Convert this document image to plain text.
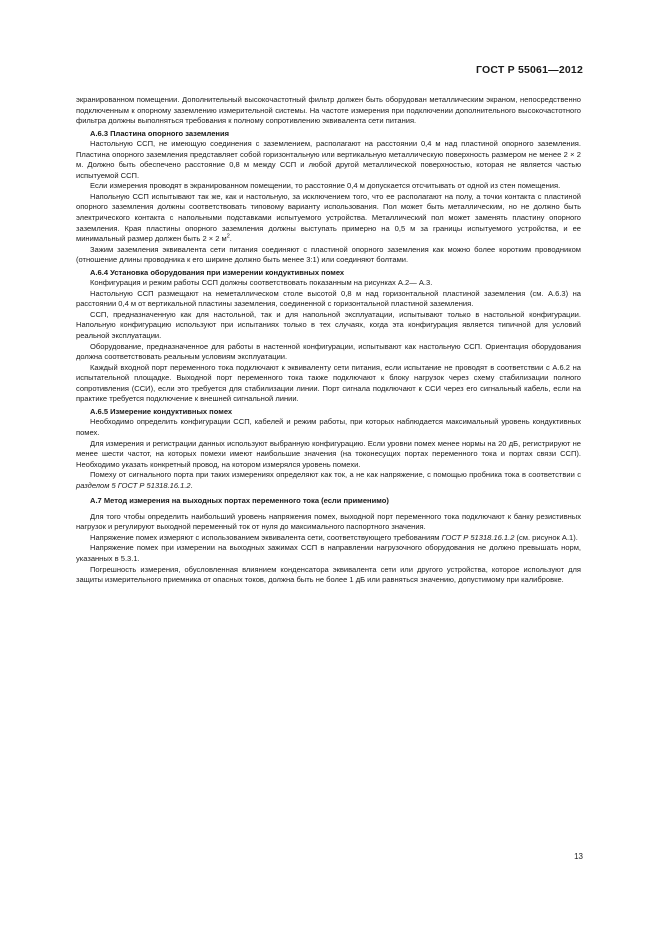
ГОСТ Р 55061—2012

экранированном помещении. Дополнительный высокочастотный фильтр должен быть оборудован металлическим экраном, непосредственно подключенным к опорному заземлению измерительной системы. На частоте измерения при подключении дополнительного высокочастотного фильтра должны выполняться требования к полному сопротивлению эквивалента сети питания.

А.6.3 Пластина опорного заземления

Настольную ССП, не имеющую соединения с заземлением, располагают на расстоянии 0,4 м над пластиной опорного заземления. Пластина опорного заземления представляет собой горизонтальную или вертикальную металлическую поверхность размером не менее 2 × 2 м. Должно быть обеспечено расстояние 0,8 м между ССП и любой другой металлической поверхностью, которая не является частью испытуемой ССП.

Если измерения проводят в экранированном помещении, то расстояние 0,4 м допускается отсчитывать от одной из стен помещения.

Напольную ССП испытывают так же, как и настольную, за исключением того, что ее располагают на полу, а точки контакта с пластиной опорного заземления должны соответствовать типовому варианту использования. Пол может быть металлическим, но не должно быть электрического контакта с напольными подставками испытуемого устройства. Металлический пол может заменять пластину опорного заземления. Края пластины опорного заземления должны выступать примерно на 0,5 м за границы испытуемого устройства, и ее минимальный размер должен быть 2 × 2 $м^2$.

Зажим заземления эквивалента сети питания соединяют с пластиной опорного заземления как можно более коротким проводником (отношение длины проводника к его ширине должно быть менее 3:1) или соединяют болтами.

А.6.4 Установка оборудования при измерении кондуктивных помех

Конфигурация и режим работы ССП должны соответствовать показанным на рисунках А.2— А.3.

Настольную ССП размещают на неметаллическом столе высотой 0,8 м над горизонтальной пластиной заземления (см. А.6.3) на расстоянии 0,4 м от вертикальной пластины заземления, соединенной с горизонтальной пластиной заземления.

ССП, предназначенную как для настольной, так и для напольной эксплуатации, испытывают только в настольной конфигурации. Напольную конфигурацию используют при испытаниях только в тех случаях, когда эта конфигурация является типичной для условий реальной эксплуатации.

Оборудование, предназначенное для работы в настенной конфигурации, испытывают как настольную ССП. Ориентация оборудования должна соответствовать реальным условиям эксплуатации.

Каждый входной порт переменного тока подключают к эквиваленту сети питания, если испытание не проводят в соответствии с А.6.2 на испытательной площадке. Выходной порт переменного тока также подключают к блоку нагрузок через схему стабилизации полного сопротивления (ССИ), если это требуется для стабилизации линии. Порт сигнала подключают к ССИ через его сигнальный кабель, если на практике требуется подключение к внешней сигнальной линии.

А.6.5 Измерение кондуктивных помех

Необходимо определить конфигурации ССП, кабелей и режим работы, при которых наблюдается максимальный уровень кондуктивных помех.

Для измерения и регистрации данных используют выбранную конфигурацию. Если уровни помех менее нормы на 20 дБ, регистрируют не менее шести частот, на которых помехи имеют наибольшие значения (на токонесущих портах переменного тока и портах связи ССП). Необходимо указать конкретный провод, на котором измерялся уровень помехи.

Помеху от сигнального порта при таких измерениях определяют как ток, а не как напряжение, с помощью пробника тока в соответствии с разделом 5 ГОСТ Р 51318.16.1.2.

А.7 Метод измерения на выходных портах переменного тока (если применимо)

Для того чтобы определить наибольший уровень напряжения помех, выходной порт переменного тока подключают к банку резистивных нагрузок и регулируют выходной переменный ток от нуля до максимального паспортного значения.

Напряжение помех измеряют с использованием эквивалента сети, соответствующего требованиям ГОСТ Р 51318.16.1.2 (см. рисунок А.1).

Напряжение помех при измерении на выходных зажимах ССП в направлении нагрузочного оборудования не должно превышать норм, указанных в 5.3.1.

Погрешность измерения, обусловленная влиянием конденсатора эквивалента сети или другого устройства, которое используют для защиты измерительного приемника от опасных токов, должна быть не более 1 дБ или равняться значению, допустимому при калибровке.

13
